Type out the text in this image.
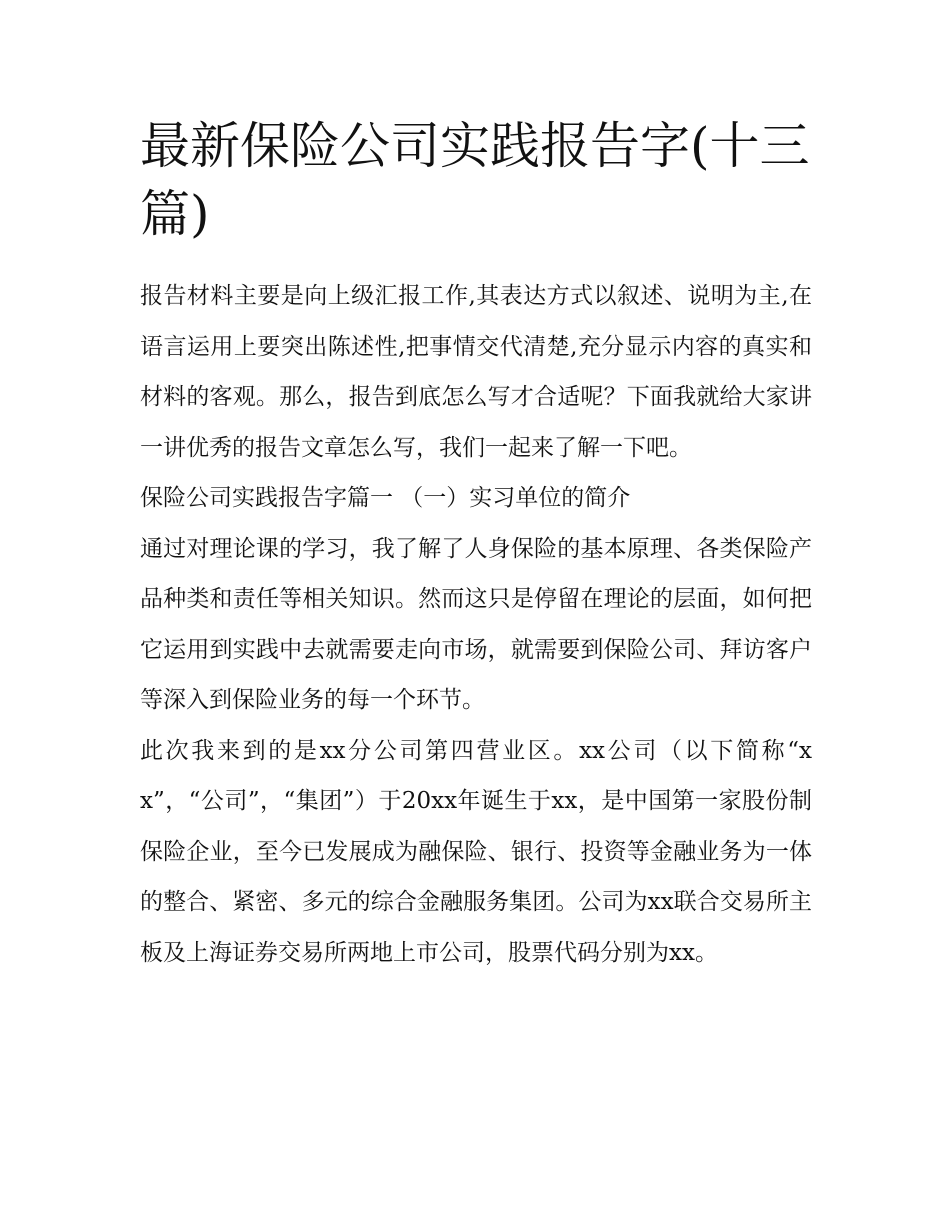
最新保险公司实践报告字(十三篇)

报告材料主要是向上级汇报工作,其表达方式以叙述、说明为主,在语言运用上要突出陈述性,把事情交代清楚,充分显示内容的真实和材料的客观。那么，报告到底怎么写才合适呢？下面我就给大家讲一讲优秀的报告文章怎么写，我们一起来了解一下吧。

保险公司实践报告字篇一 （一）实习单位的简介

通过对理论课的学习，我了解了人身保险的基本原理、各类保险产品种类和责任等相关知识。然而这只是停留在理论的层面，如何把它运用到实践中去就需要走向市场，就需要到保险公司、拜访客户等深入到保险业务的每一个环节。

此次我来到的是xx分公司第四营业区。xx公司（以下简称“xx”，“公司”，“集团”）于20xx年诞生于xx，是中国第一家股份制保险企业，至今已发展成为融保险、银行、投资等金融业务为一体的整合、紧密、多元的综合金融服务集团。公司为xx联合交易所主板及上海证券交易所两地上市公司，股票代码分别为xx。
